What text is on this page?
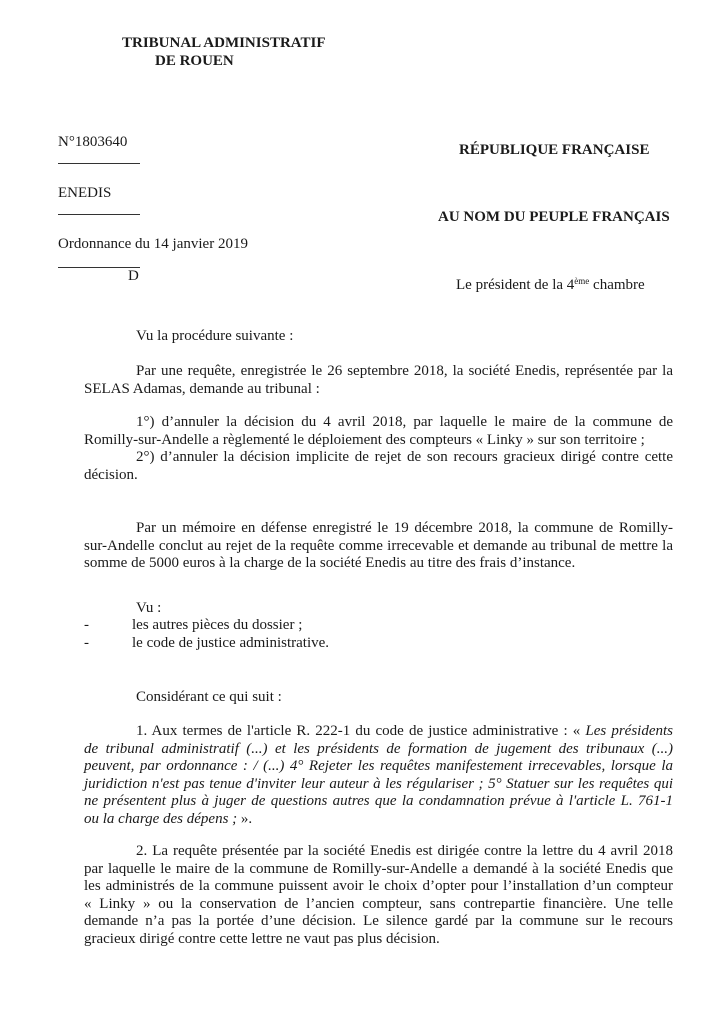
TRIBUNAL ADMINISTRATIF
DE ROUEN
N°1803640
ENEDIS
Ordonnance du 14 janvier 2019
D
RÉPUBLIQUE FRANÇAISE
AU NOM DU PEUPLE FRANÇAIS
Le président de la 4ème chambre
Vu la procédure suivante :
Par une requête, enregistrée le 26 septembre 2018, la société Enedis, représentée par la
SELAS Adamas, demande au tribunal :
1°) d’annuler la décision du 4 avril 2018, par laquelle le maire de la commune de
Romilly-sur-Andelle a règlementé le déploiement des compteurs « Linky » sur son territoire ;
2°) d’annuler la décision implicite de rejet de son recours gracieux dirigé contre cette
décision.
Par un mémoire en défense enregistré le 19 décembre 2018, la commune de Romilly-
sur-Andelle conclut au rejet de la requête comme irrecevable et demande au tribunal de mettre la
somme de 5000 euros à la charge de la société Enedis au titre des frais d’instance.
Vu :
-	les autres pièces du dossier ;
-	le code de justice administrative.
Considérant ce qui suit :
1. Aux termes de l'article R. 222-1 du code de justice administrative : « Les présidents
de tribunal administratif (...) et les présidents de formation de jugement des tribunaux (...)
peuvent, par ordonnance : / (...) 4° Rejeter les requêtes manifestement irrecevables, lorsque la
juridiction n'est pas tenue d'inviter leur auteur à les régulariser ; 5° Statuer sur les requêtes qui
ne présentent plus à juger de questions autres que la condamnation prévue à l'article L. 761-1
ou la charge des dépens ; ».
2. La requête présentée par la société Enedis est dirigée contre la lettre du 4 avril 2018
par laquelle le maire de la commune de Romilly-sur-Andelle a demandé à la société Enedis que
les administrés de la commune puissent avoir le choix d’opter pour l’installation d’un compteur
« Linky » ou la conservation de l’ancien compteur, sans contrepartie financière. Une telle
demande n’a pas la portée d’une décision. Le silence gardé par la commune sur le recours
gracieux dirigé contre cette lettre ne vaut pas plus décision.
